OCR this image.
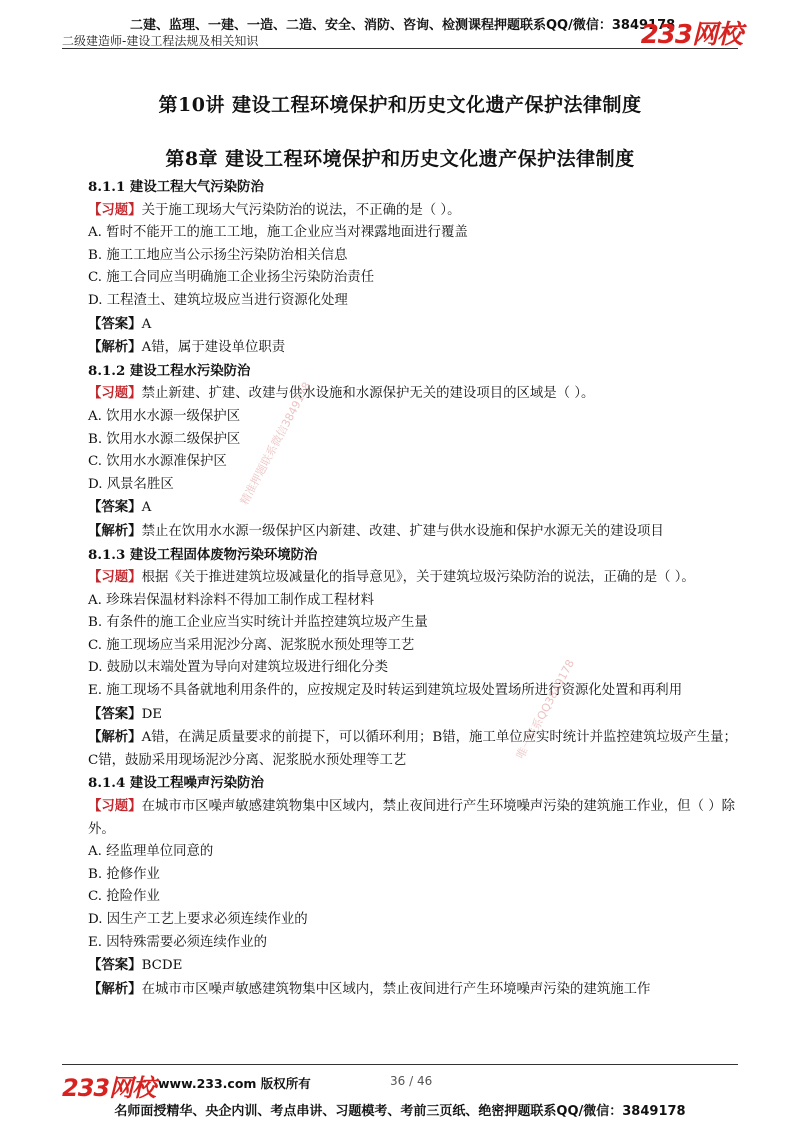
二建、监理、一建、一造、二造、安全、消防、咨询、检测课程押题联系QQ/微信：3849178
233网校
二级建造师-建设工程法规及相关知识
第10讲 建设工程环境保护和历史文化遗产保护法律制度
第8章 建设工程环境保护和历史文化遗产保护法律制度
精准押题联系微信3849178
唯一联系QQ3849178
8.1.1 建设工程大气污染防治
【习题】关于施工现场大气污染防治的说法，不正确的是（ ）。
A. 暂时不能开工的施工工地，施工企业应当对裸露地面进行覆盖
B. 施工工地应当公示扬尘污染防治相关信息
C. 施工合同应当明确施工企业扬尘污染防治责任
D. 工程渣土、建筑垃圾应当进行资源化处理
【答案】A
【解析】A错，属于建设单位职责
8.1.2 建设工程水污染防治
【习题】禁止新建、扩建、改建与供水设施和水源保护无关的建设项目的区域是（ ）。
A. 饮用水水源一级保护区
B. 饮用水水源二级保护区
C. 饮用水水源准保护区
D. 风景名胜区
【答案】A
【解析】禁止在饮用水水源一级保护区内新建、改建、扩建与供水设施和保护水源无关的建设项目
8.1.3 建设工程固体废物污染环境防治
【习题】根据《关于推进建筑垃圾减量化的指导意见》，关于建筑垃圾污染防治的说法，正确的是（ ）。
A. 珍珠岩保温材料涂料不得加工制作成工程材料
B. 有条件的施工企业应当实时统计并监控建筑垃圾产生量
C. 施工现场应当采用泥沙分离、泥浆脱水预处理等工艺
D. 鼓励以末端处置为导向对建筑垃圾进行细化分类
E. 施工现场不具备就地利用条件的，应按规定及时转运到建筑垃圾处置场所进行资源化处置和再利用
【答案】DE
【解析】A错，在满足质量要求的前提下，可以循环利用；B错，施工单位应实时统计并监控建筑垃圾产生量；C错，鼓励采用现场泥沙分离、泥浆脱水预处理等工艺
8.1.4 建设工程噪声污染防治
【习题】在城市市区噪声敏感建筑物集中区域内，禁止夜间进行产生环境噪声污染的建筑施工作业，但（ ）除外。
A. 经监理单位同意的
B. 抢修作业
C. 抢险作业
D. 因生产工艺上要求必须连续作业的
E. 因特殊需要必须连续作业的
【答案】BCDE
【解析】在城市市区噪声敏感建筑物集中区域内，禁止夜间进行产生环境噪声污染的建筑施工作
233网校 www.233.com 版权所有	36 / 46
名师面授精华、央企内训、考点串讲、习题模考、考前三页纸、绝密押题联系QQ/微信：3849178
